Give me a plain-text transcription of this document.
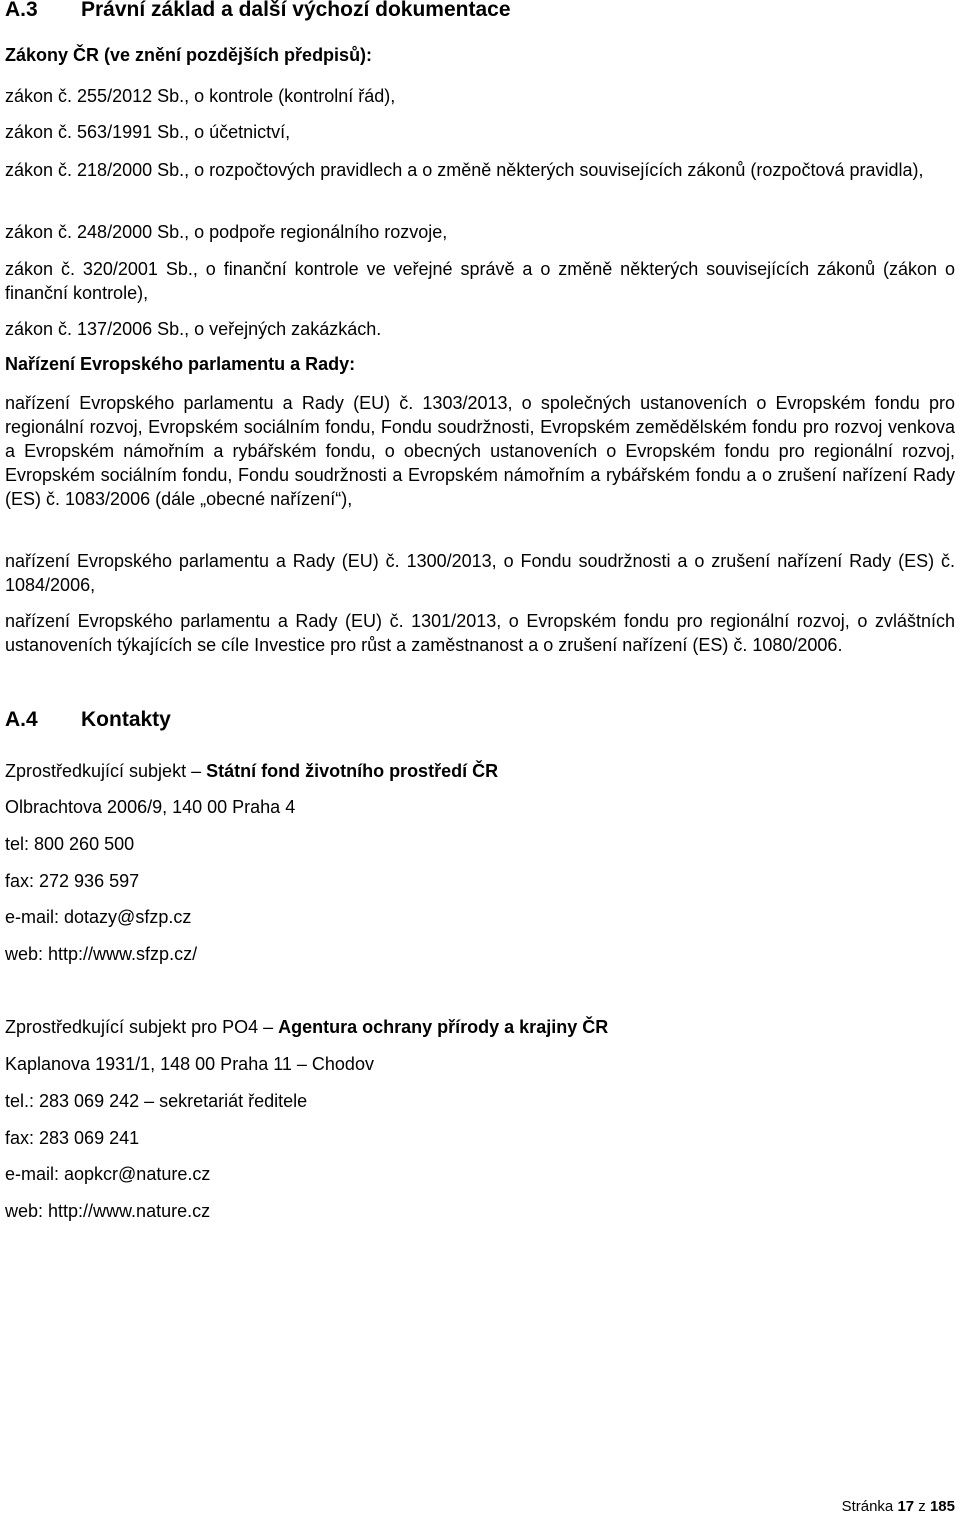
A.3	Právní základ a další výchozí dokumentace
Zákony ČR (ve znění pozdějších předpisů):

zákon č. 255/2012 Sb., o kontrole (kontrolní řád),

zákon č. 563/1991 Sb., o účetnictví,

zákon č. 218/2000 Sb., o rozpočtových pravidlech a o změně některých souvisejících zákonů (rozpočtová pravidla),

zákon č. 248/2000 Sb., o podpoře regionálního rozvoje,

zákon č. 320/2001 Sb., o finanční kontrole ve veřejné správě a o změně některých souvisejících zákonů (zákon o finanční kontrole),

zákon č. 137/2006 Sb., o veřejných zakázkách.

Nařízení Evropského parlamentu a Rady:

nařízení Evropského parlamentu a Rady (EU) č. 1303/2013, o společných ustanoveních o Evropském fondu pro regionální rozvoj, Evropském sociálním fondu, Fondu soudržnosti, Evropském zemědělském fondu pro rozvoj venkova a Evropském námořním a rybářském fondu, o obecných ustanoveních o Evropském fondu pro regionální rozvoj, Evropském sociálním fondu, Fondu soudržnosti a Evropském námořním a rybářském fondu a o zrušení nařízení Rady (ES) č. 1083/2006 (dále „obecné nařízení“),

nařízení Evropského parlamentu a Rady (EU) č. 1300/2013, o Fondu soudržnosti a o zrušení nařízení Rady (ES) č. 1084/2006,

nařízení Evropského parlamentu a Rady (EU) č. 1301/2013, o Evropském fondu pro regionální rozvoj, o zvláštních ustanoveních týkajících se cíle Investice pro růst a zaměstnanost a o zrušení nařízení (ES) č. 1080/2006.

A.4	Kontakty

Zprostředkující subjekt – Státní fond životního prostředí ČR

Olbrachtova 2006/9, 140 00 Praha 4

tel: 800 260 500

fax: 272 936 597

e-mail: dotazy@sfzp.cz

web: http://www.sfzp.cz/

Zprostředkující subjekt pro PO4 – Agentura ochrany přírody a krajiny ČR

Kaplanova 1931/1, 148 00 Praha 11 – Chodov

tel.: 283 069 242 – sekretariát ředitele

fax: 283 069 241

e-mail: aopkcr@nature.cz

web: http://www.nature.cz

Stránka 17 z 185
